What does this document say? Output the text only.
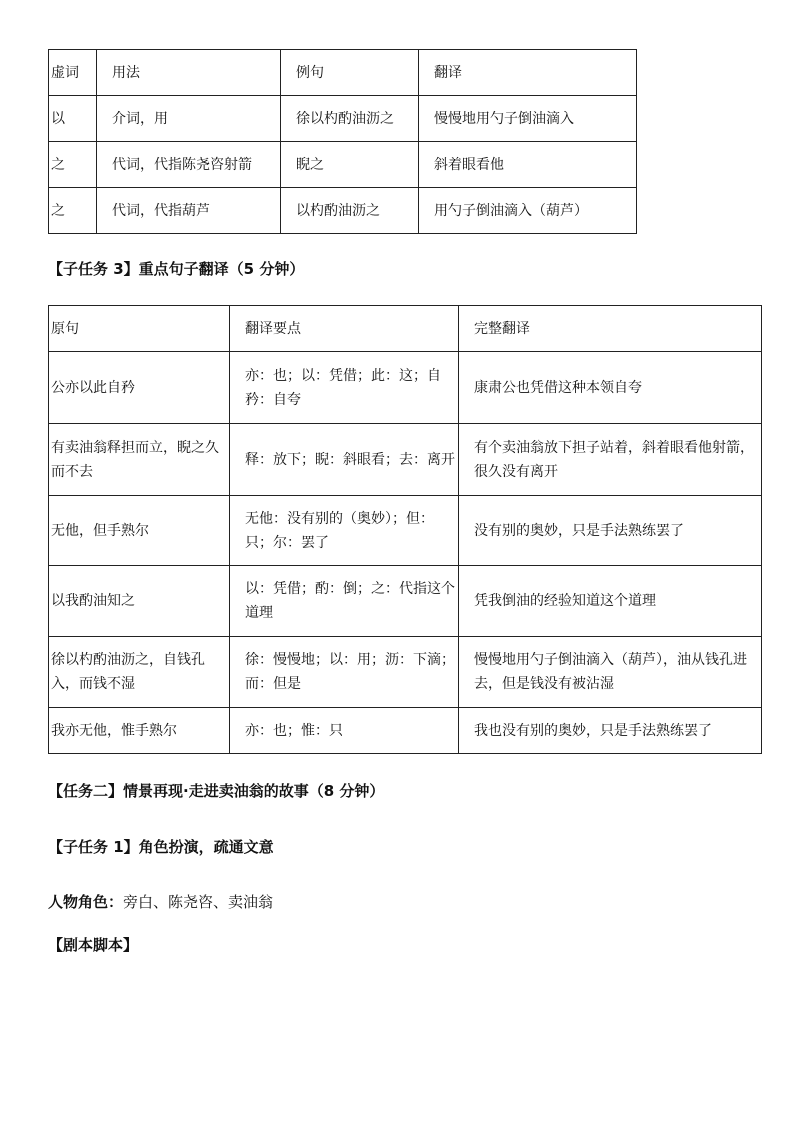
虚词	用法	例句	翻译
以	介词，用	徐以杓酌油沥之	慢慢地用勺子倒油滴入
之	代词，代指陈尧咨射箭	睨之	斜着眼看他
之	代词，代指葫芦	以杓酌油沥之	用勺子倒油滴入（葫芦）

【子任务 3】重点句子翻译（5 分钟）

原句	翻译要点	完整翻译
公亦以此自矜	亦：也；以：凭借；此：这；自矜：自夸	康肃公也凭借这种本领自夸
有卖油翁释担而立，睨之久而不去	释：放下；睨：斜眼看；去：离开	有个卖油翁放下担子站着，斜着眼看他射箭，很久没有离开
无他，但手熟尔	无他：没有别的（奥妙）；但：只；尔：罢了	没有别的奥妙，只是手法熟练罢了
以我酌油知之	以：凭借；酌：倒；之：代指这个道理	凭我倒油的经验知道这个道理
徐以杓酌油沥之，自钱孔入，而钱不湿	徐：慢慢地；以：用；沥：下滴；而：但是	慢慢地用勺子倒油滴入（葫芦），油从钱孔进去，但是钱没有被沾湿
我亦无他，惟手熟尔	亦：也；惟：只	我也没有别的奥妙，只是手法熟练罢了

【任务二】情景再现·走进卖油翁的故事（8 分钟）

【子任务 1】角色扮演，疏通文意

人物角色：旁白、陈尧咨、卖油翁

【剧本脚本】
